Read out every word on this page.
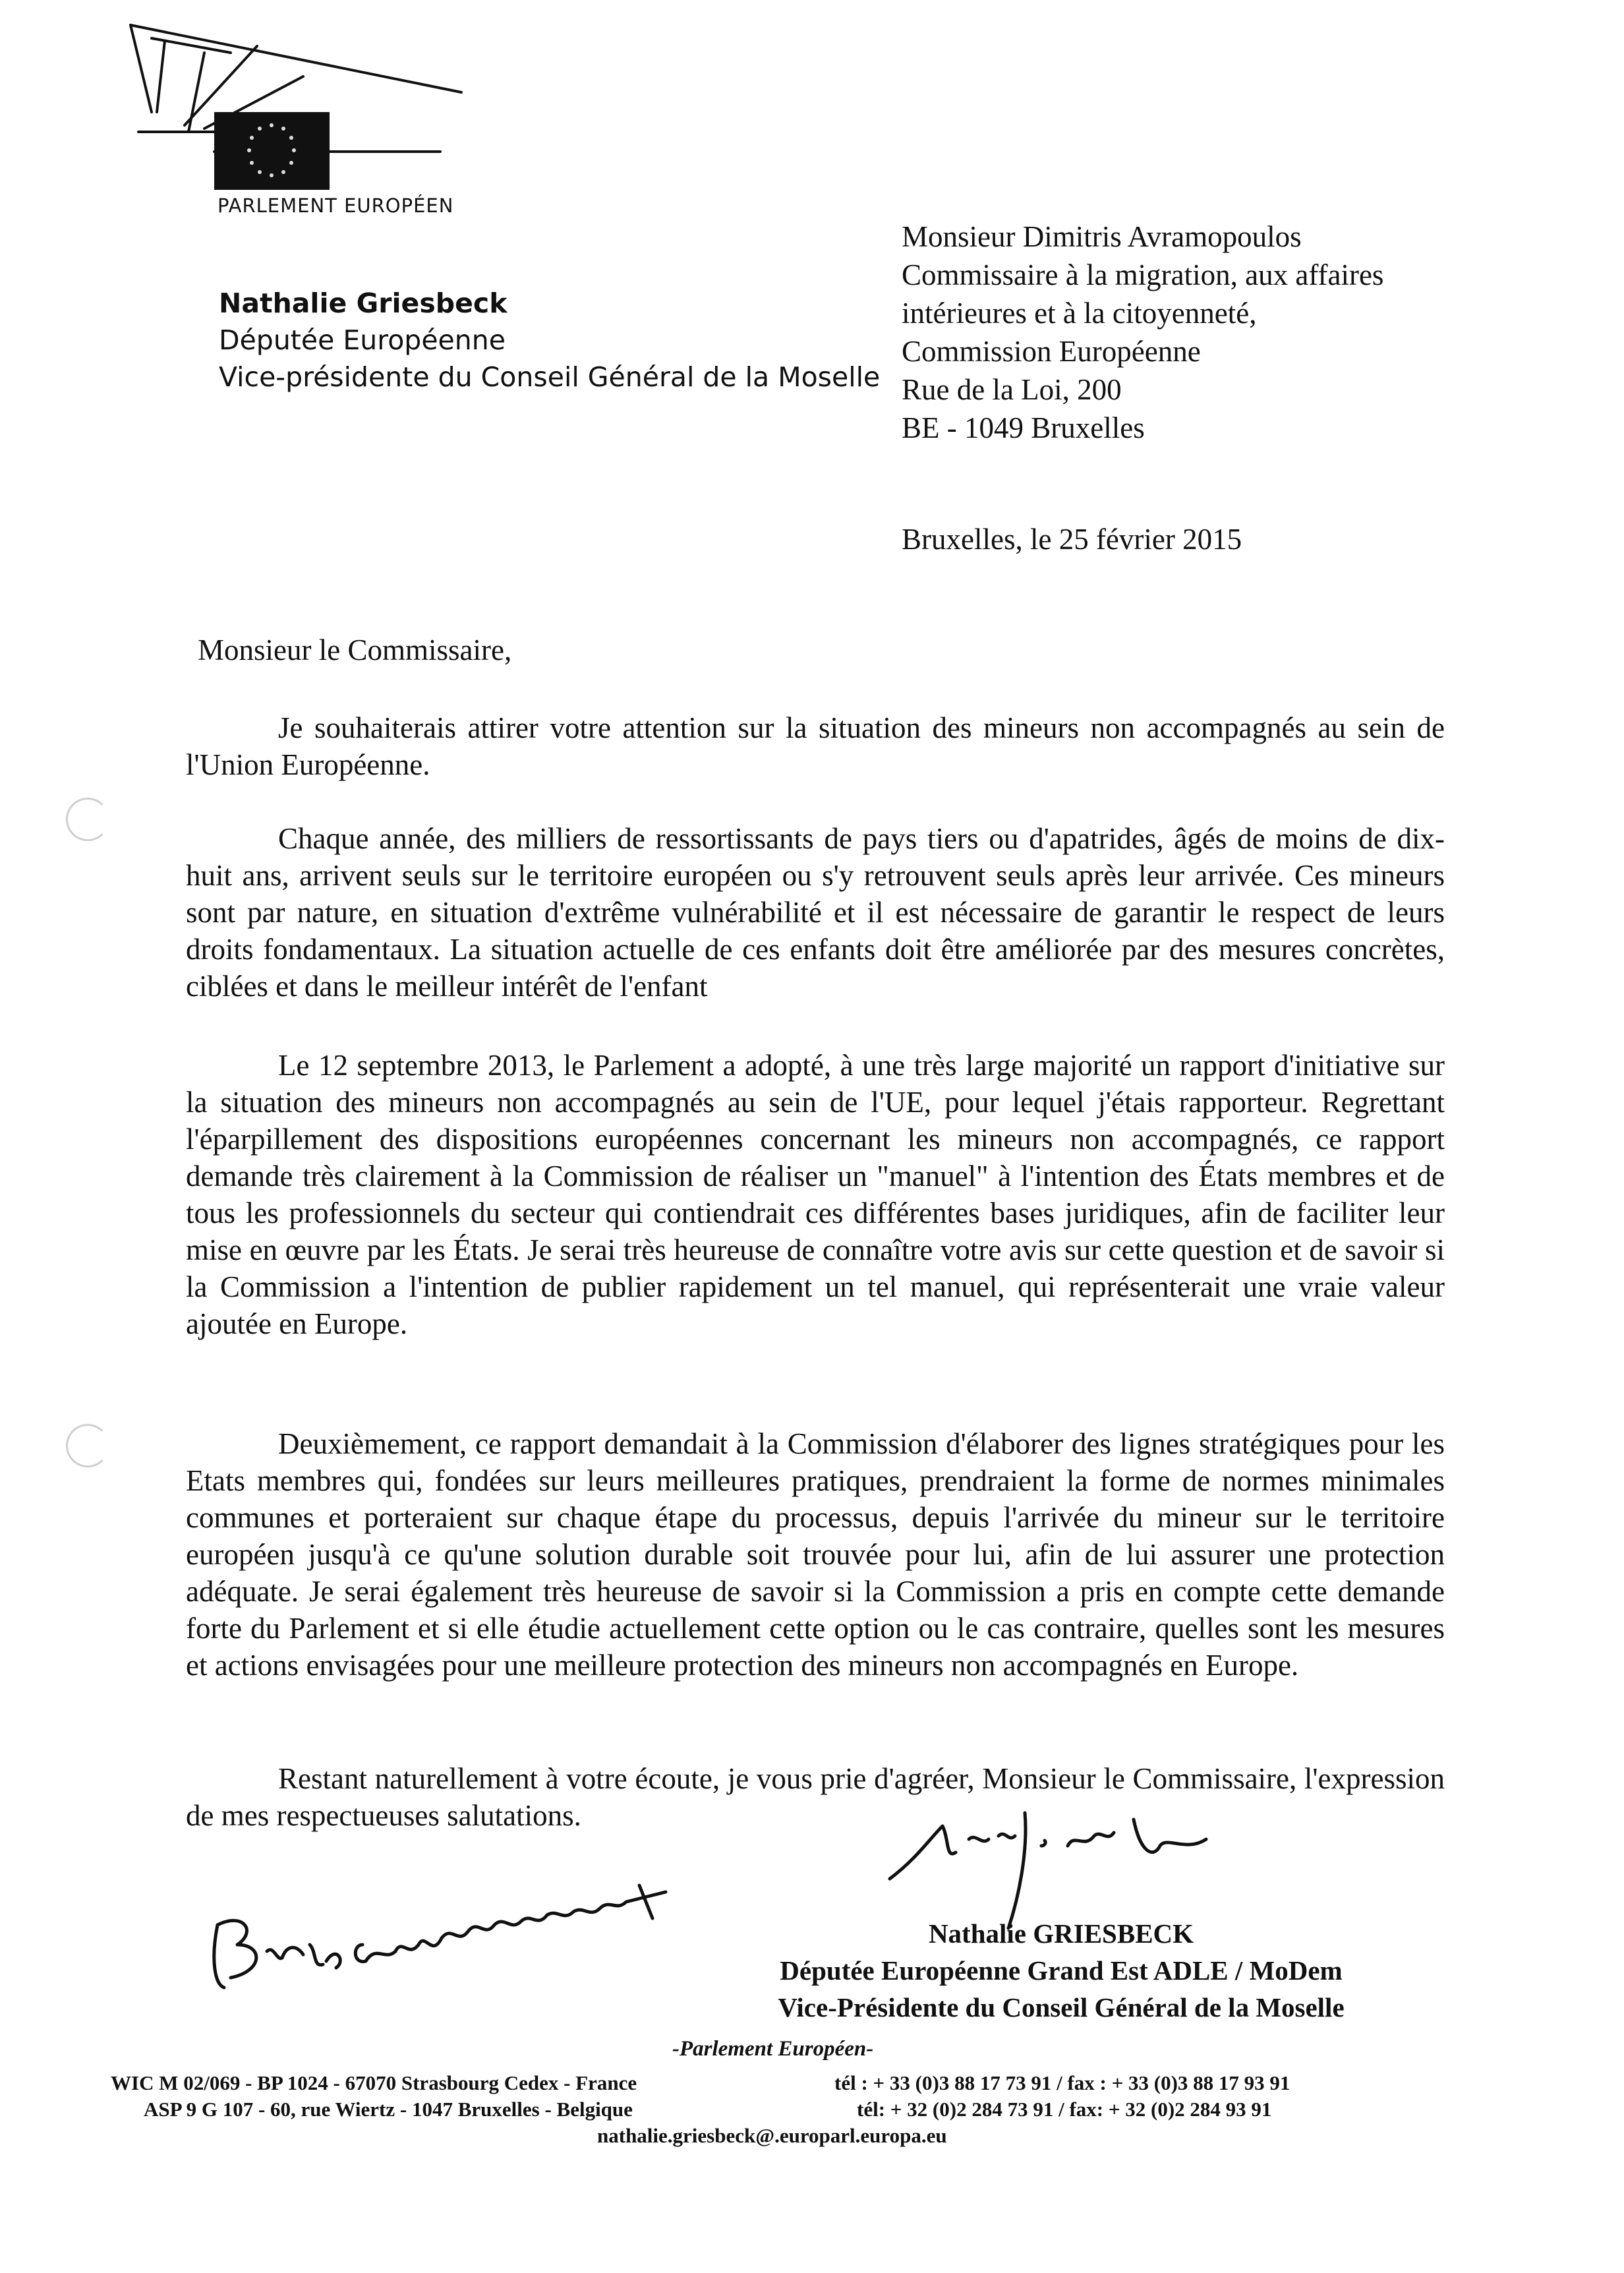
PARLEMENT EUROPÉEN
Nathalie Griesbeck
Députée Européenne
Vice-présidente du Conseil Général de la Moselle
Monsieur Dimitris Avramopoulos
Commissaire à la migration, aux affaires
intérieures et à la citoyenneté,
Commission Européenne
Rue de la Loi, 200
BE - 1049 Bruxelles
Bruxelles, le 25 février 2015
Monsieur le Commissaire,
Je souhaiterais attirer votre attention sur la situation des mineurs non accompagnés au sein de l'Union Européenne.
Chaque année, des milliers de ressortissants de pays tiers ou d'apatrides, âgés de moins de dix-huit ans, arrivent seuls sur le territoire européen ou s'y retrouvent seuls après leur arrivée. Ces mineurs sont par nature, en situation d'extrême vulnérabilité et il est nécessaire de garantir le respect de leurs droits fondamentaux. La situation actuelle de ces enfants doit être améliorée par des mesures concrètes, ciblées et dans le meilleur intérêt de l'enfant
Le 12 septembre 2013, le Parlement a adopté, à une très large majorité un rapport d'initiative sur la situation des mineurs non accompagnés au sein de l'UE, pour lequel j'étais rapporteur. Regrettant l'éparpillement des dispositions européennes concernant les mineurs non accompagnés, ce rapport demande très clairement à la Commission de réaliser un "manuel" à l'intention des États membres et de tous les professionnels du secteur qui contiendrait ces différentes bases juridiques, afin de faciliter leur mise en œuvre par les États. Je serai très heureuse de connaître votre avis sur cette question et de savoir si la Commission a l'intention de publier rapidement un tel manuel, qui représenterait une vraie valeur ajoutée en Europe.
Deuxièmement, ce rapport demandait à la Commission d'élaborer des lignes stratégiques pour les Etats membres qui, fondées sur leurs meilleures pratiques, prendraient la forme de normes minimales communes et porteraient sur chaque étape du processus, depuis l'arrivée du mineur sur le territoire européen jusqu'à ce qu'une solution durable soit trouvée pour lui, afin de lui assurer une protection adéquate. Je serai également très heureuse de savoir si la Commission a pris en compte cette demande forte du Parlement et si elle étudie actuellement cette option ou le cas contraire, quelles sont les mesures et actions envisagées pour une meilleure protection des mineurs non accompagnés en Europe.
Restant naturellement à votre écoute, je vous prie d'agréer, Monsieur le Commissaire, l'expression de mes respectueuses salutations.
Nathalie GRIESBECK
Députée Européenne Grand Est ADLE / MoDem
Vice-Présidente du Conseil Général de la Moselle
-Parlement Européen-
WIC M 02/069 - BP 1024 - 67070 Strasbourg Cedex - France
ASP 9 G 107 - 60, rue Wiertz - 1047 Bruxelles - Belgique
tél : + 33 (0)3 88 17 73 91 / fax : + 33 (0)3 88 17 93 91
tél: + 32 (0)2 284 73 91 / fax: + 32 (0)2 284 93 91
nathalie.griesbeck@.europarl.europa.eu
